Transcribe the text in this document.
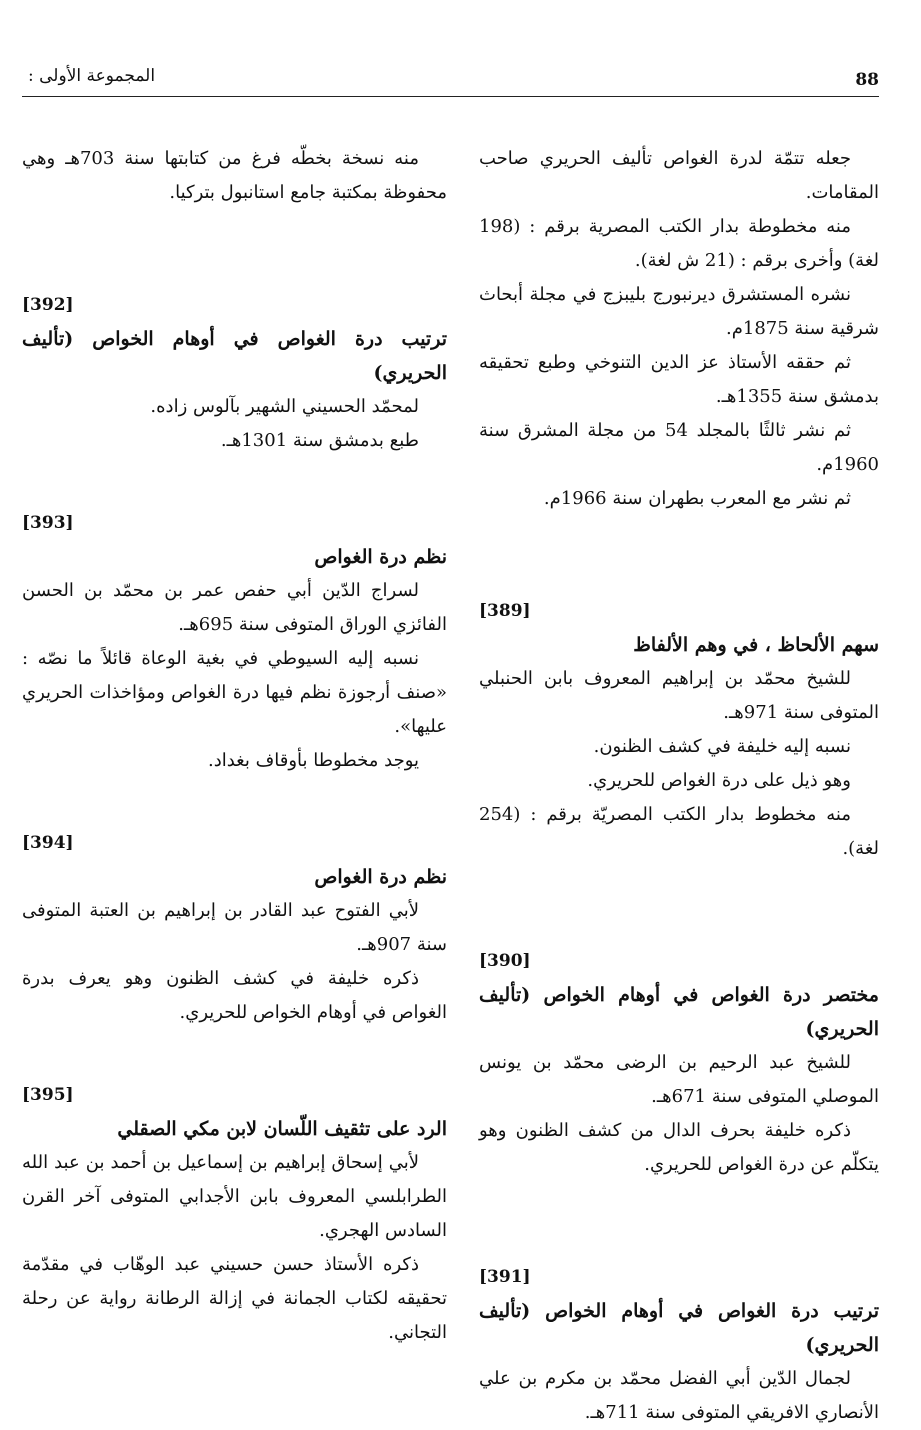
88
المجموعة الأولى :

جعله تتمّة لدرة الغواص تأليف الحريري صاحب المقامات.

منه مخطوطة بدار الكتب المصرية برقم : (198 لغة) وأخرى برقم : (21 ش لغة).

نشره المستشرق ديرنبورج بليبزج في مجلة أبحاث شرقية سنة 1875م.

ثم حققه الأستاذ عز الدين التنوخي وطبع تحقيقه بدمشق سنة 1355هـ.

ثم نشر ثالثًا بالمجلد 54 من مجلة المشرق سنة 1960م.

ثم نشر مع المعرب بطهران سنة 1966م.

[389]

سهم الألحاظ ، في وهم الألفاظ

للشيخ محمّد بن إبراهيم المعروف بابن الحنبلي المتوفى سنة 971هـ.

نسبه إليه خليفة في كشف الظنون.

وهو ذيل على درة الغواص للحريري.

منه مخطوط بدار الكتب المصريّة برقم : (254 لغة).

[390]

مختصر درة الغواص في أوهام الخواص (تأليف الحريري)

للشيخ عبد الرحيم بن الرضى محمّد بن يونس الموصلي المتوفى سنة 671هـ.

ذكره خليفة بحرف الدال من كشف الظنون وهو يتكلّم عن درة الغواص للحريري.

[391]

ترتيب درة الغواص في أوهام الخواص (تأليف الحريري)

لجمال الدّين أبي الفضل محمّد بن مكرم بن علي الأنصاري الافريقي المتوفى سنة 711هـ.

منه نسخة بخطّه فرغ من كتابتها سنة 703هـ وهي محفوظة بمكتبة جامع استانبول بتركيا.

[392]

ترتيب درة الغواص في أوهام الخواص (تأليف الحريري)

لمحمّد الحسيني الشهير بآلوس زاده.

طبع بدمشق سنة 1301هـ.

[393]

نظم درة الغواص

لسراج الدّين أبي حفص عمر بن محمّد بن الحسن الفائزي الوراق المتوفى سنة 695هـ.

نسبه إليه السيوطي في بغية الوعاة قائلاً ما نصّه : «صنف أرجوزة نظم فيها درة الغواص ومؤاخذات الحريري عليها».

يوجد مخطوطا بأوقاف بغداد.

[394]

نظم درة الغواص

لأبي الفتوح عبد القادر بن إبراهيم بن العتبة المتوفى سنة 907هـ.

ذكره خليفة في كشف الظنون وهو يعرف بدرة الغواص في أوهام الخواص للحريري.

[395]

الرد على تثقيف اللّسان لابن مكي الصقلي

لأبي إسحاق إبراهيم بن إسماعيل بن أحمد بن عبد الله الطرابلسي المعروف بابن الأجدابي المتوفى آخر القرن السادس الهجري.

ذكره الأستاذ حسن حسيني عبد الوهّاب في مقدّمة تحقيقه لكتاب الجمانة في إزالة الرطانة رواية عن رحلة التجاني.
